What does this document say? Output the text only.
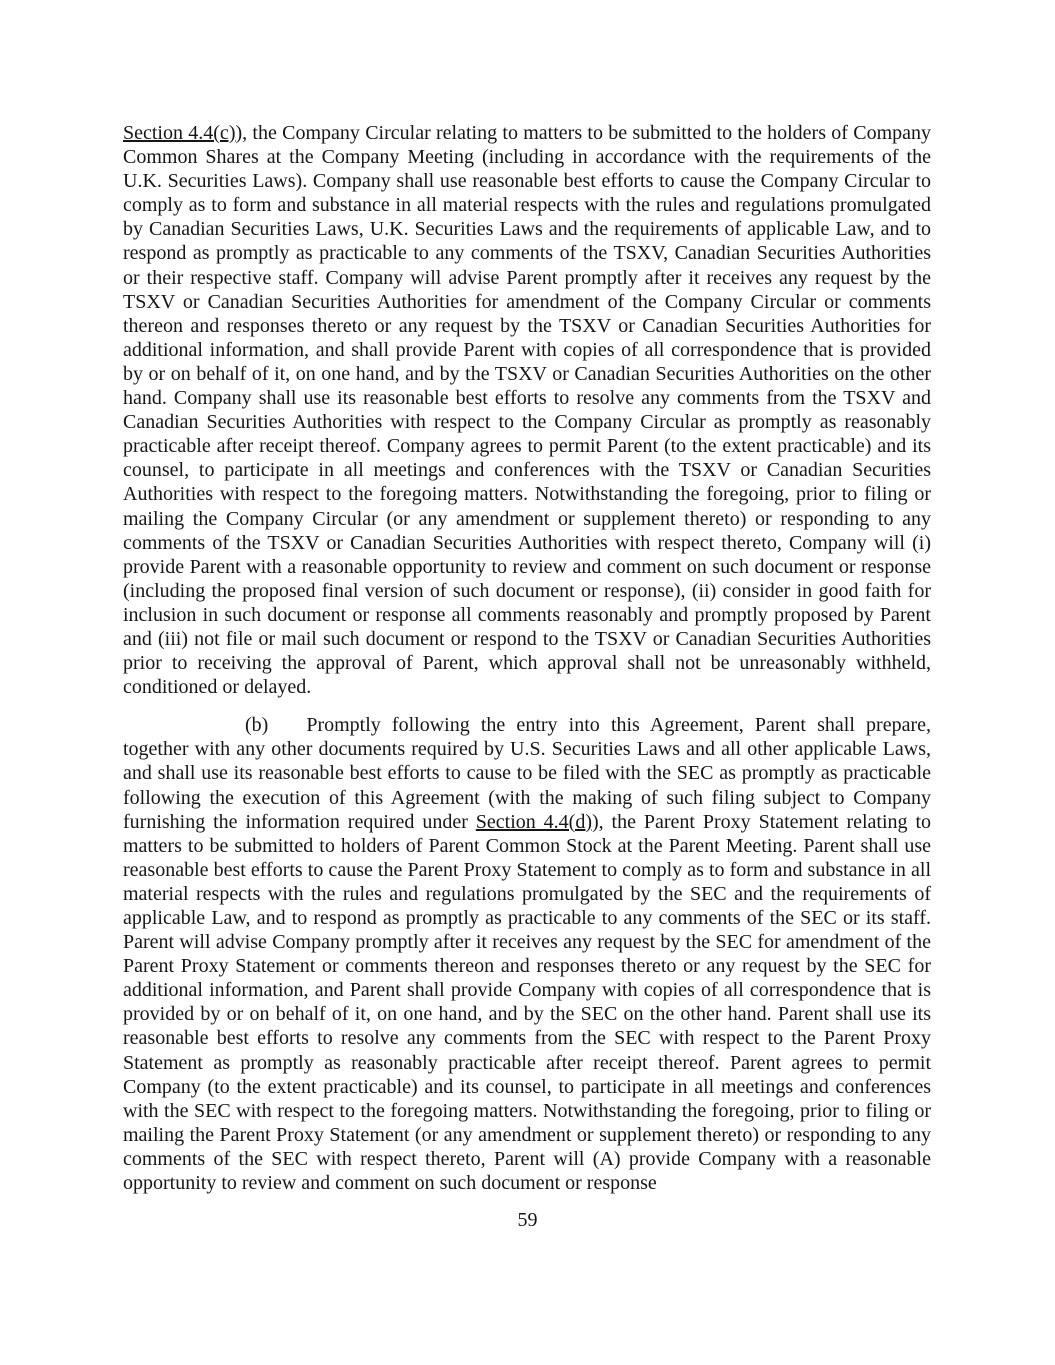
Section 4.4(c)), the Company Circular relating to matters to be submitted to the holders of Company Common Shares at the Company Meeting (including in accordance with the requirements of the U.K. Securities Laws). Company shall use reasonable best efforts to cause the Company Circular to comply as to form and substance in all material respects with the rules and regulations promulgated by Canadian Securities Laws, U.K. Securities Laws and the requirements of applicable Law, and to respond as promptly as practicable to any comments of the TSXV, Canadian Securities Authorities or their respective staff. Company will advise Parent promptly after it receives any request by the TSXV or Canadian Securities Authorities for amendment of the Company Circular or comments thereon and responses thereto or any request by the TSXV or Canadian Securities Authorities for additional information, and shall provide Parent with copies of all correspondence that is provided by or on behalf of it, on one hand, and by the TSXV or Canadian Securities Authorities on the other hand. Company shall use its reasonable best efforts to resolve any comments from the TSXV and Canadian Securities Authorities with respect to the Company Circular as promptly as reasonably practicable after receipt thereof. Company agrees to permit Parent (to the extent practicable) and its counsel, to participate in all meetings and conferences with the TSXV or Canadian Securities Authorities with respect to the foregoing matters. Notwithstanding the foregoing, prior to filing or mailing the Company Circular (or any amendment or supplement thereto) or responding to any comments of the TSXV or Canadian Securities Authorities with respect thereto, Company will (i) provide Parent with a reasonable opportunity to review and comment on such document or response (including the proposed final version of such document or response), (ii) consider in good faith for inclusion in such document or response all comments reasonably and promptly proposed by Parent and (iii) not file or mail such document or respond to the TSXV or Canadian Securities Authorities prior to receiving the approval of Parent, which approval shall not be unreasonably withheld, conditioned or delayed.

(b) Promptly following the entry into this Agreement, Parent shall prepare, together with any other documents required by U.S. Securities Laws and all other applicable Laws, and shall use its reasonable best efforts to cause to be filed with the SEC as promptly as practicable following the execution of this Agreement (with the making of such filing subject to Company furnishing the information required under Section 4.4(d)), the Parent Proxy Statement relating to matters to be submitted to holders of Parent Common Stock at the Parent Meeting. Parent shall use reasonable best efforts to cause the Parent Proxy Statement to comply as to form and substance in all material respects with the rules and regulations promulgated by the SEC and the requirements of applicable Law, and to respond as promptly as practicable to any comments of the SEC or its staff. Parent will advise Company promptly after it receives any request by the SEC for amendment of the Parent Proxy Statement or comments thereon and responses thereto or any request by the SEC for additional information, and Parent shall provide Company with copies of all correspondence that is provided by or on behalf of it, on one hand, and by the SEC on the other hand. Parent shall use its reasonable best efforts to resolve any comments from the SEC with respect to the Parent Proxy Statement as promptly as reasonably practicable after receipt thereof. Parent agrees to permit Company (to the extent practicable) and its counsel, to participate in all meetings and conferences with the SEC with respect to the foregoing matters. Notwithstanding the foregoing, prior to filing or mailing the Parent Proxy Statement (or any amendment or supplement thereto) or responding to any comments of the SEC with respect thereto, Parent will (A) provide Company with a reasonable opportunity to review and comment on such document or response

59
